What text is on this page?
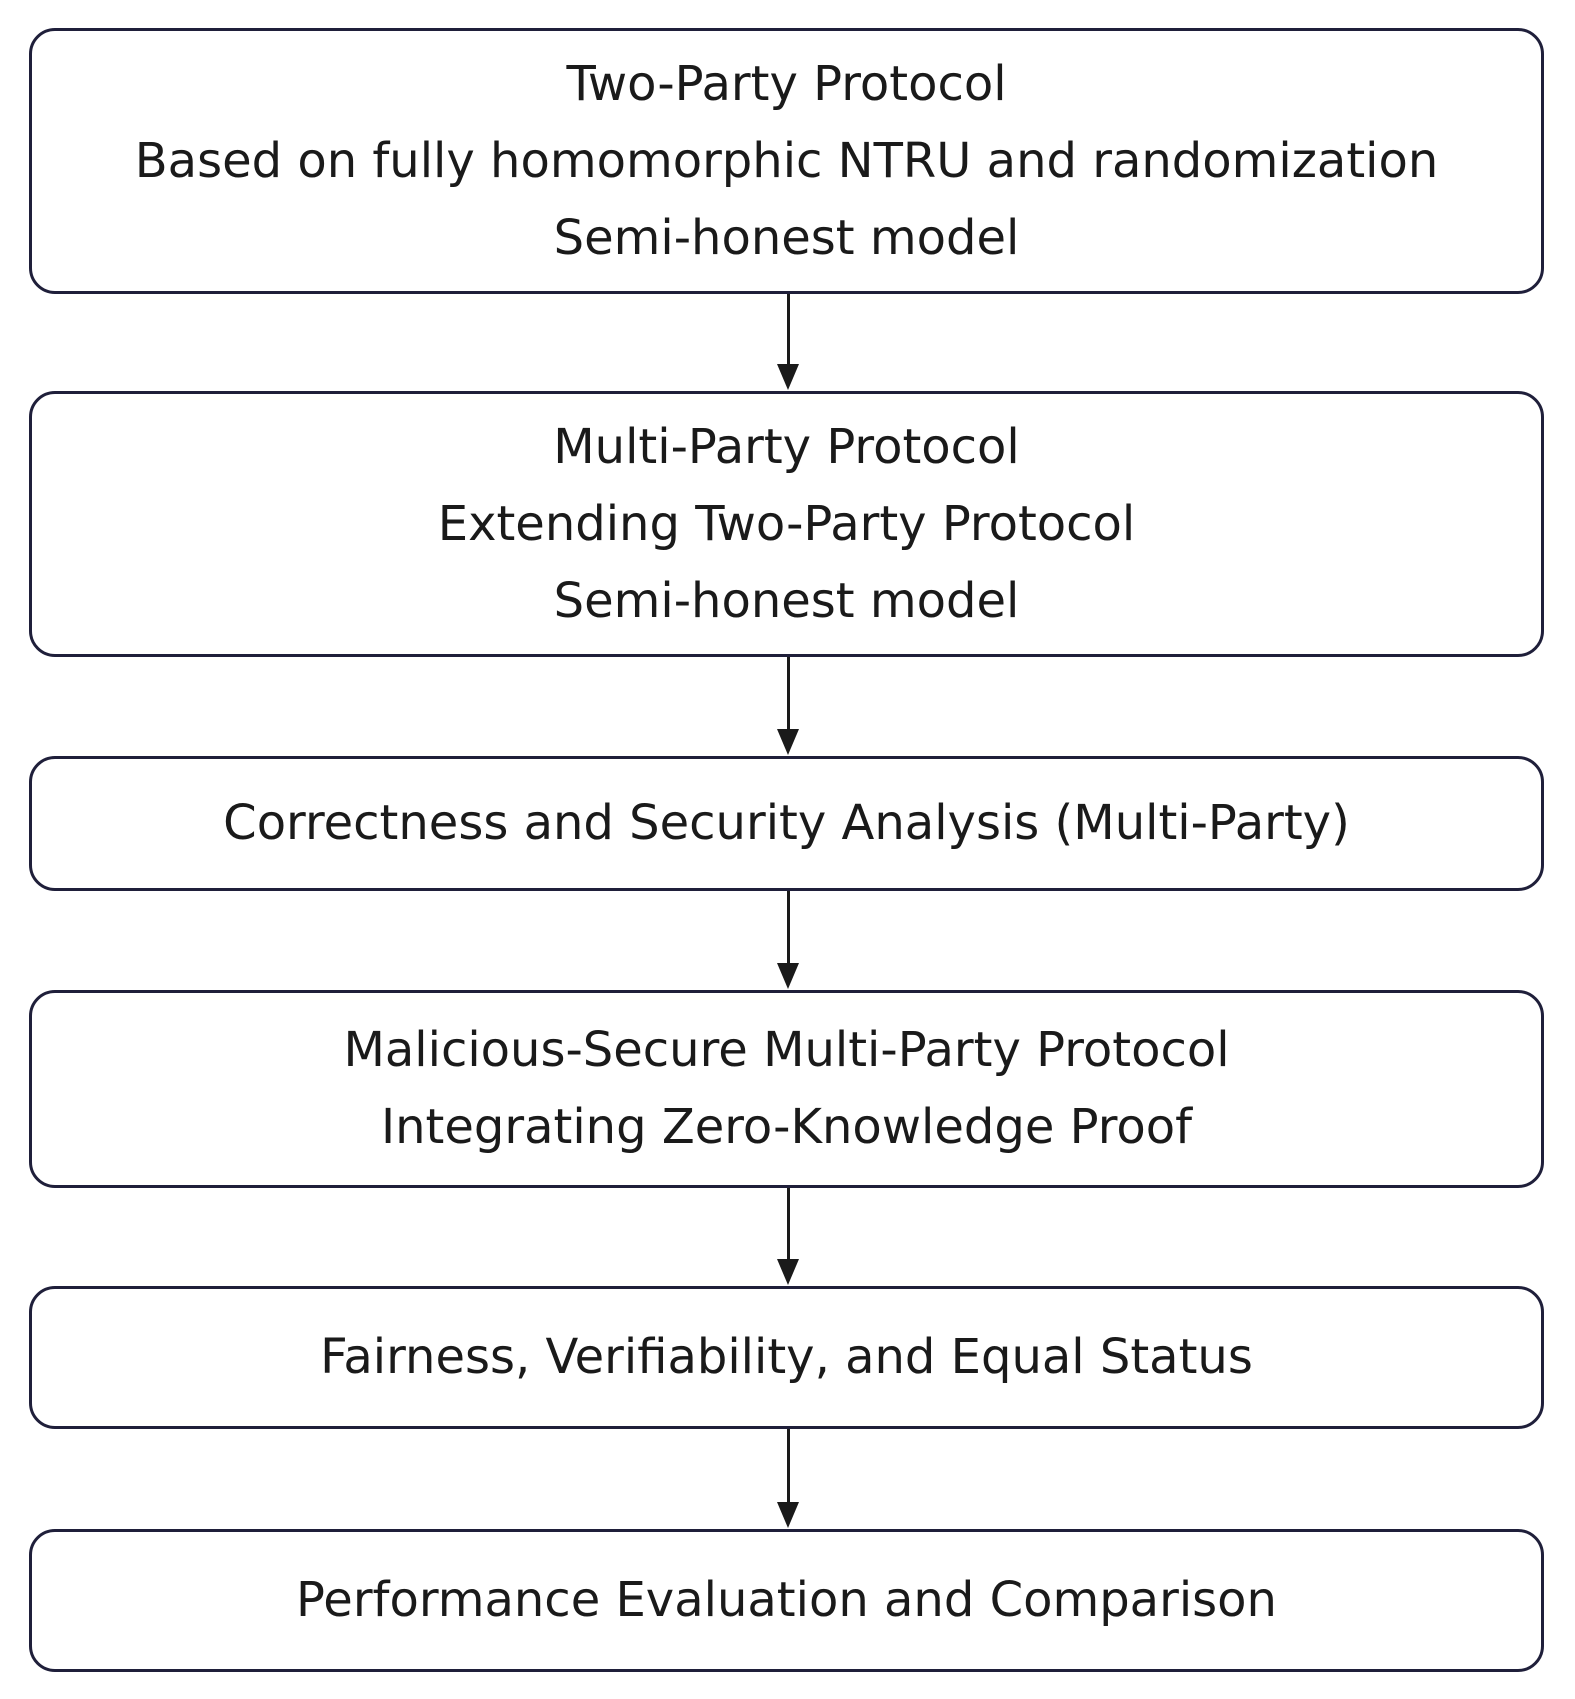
Two-Party Protocol
Based on fully homomorphic NTRU and randomization
Semi-honest model
Multi-Party Protocol
Extending Two-Party Protocol
Semi-honest model
Correctness and Security Analysis (Multi-Party)
Malicious-Secure Multi-Party Protocol
Integrating Zero-Knowledge Proof
Fairness, Verifiability, and Equal Status
Performance Evaluation and Comparison
